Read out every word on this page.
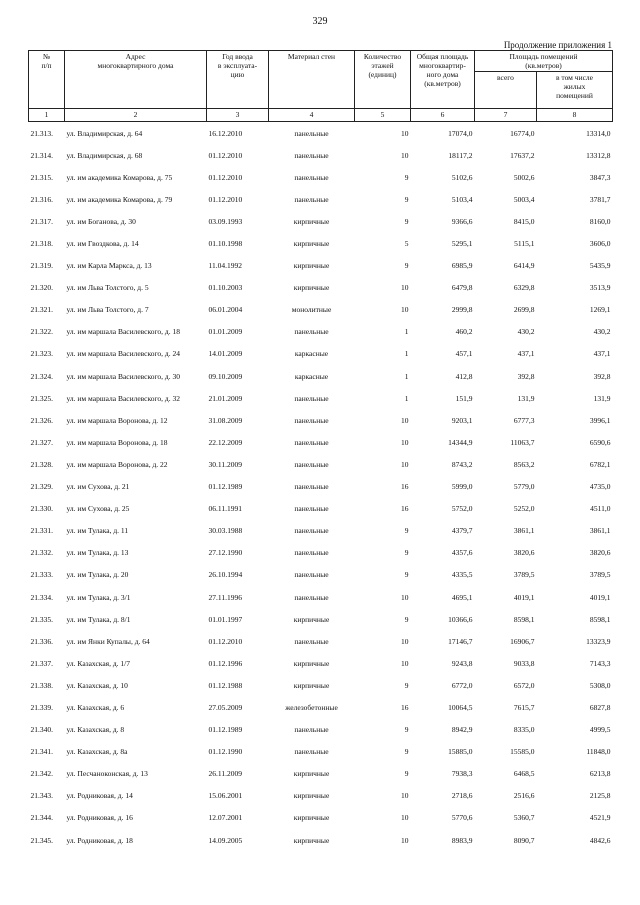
329
Продолжение приложения 1
№
п/п	Адрес
многоквартирного дома	Год ввода
в эксплуата-
цию	Материал стен	Количество
этажей
(единиц)	Общая площадь
многоквартир-
ного дома
(кв.метров)	Площадь помещений
(кв.метров)	
						всего	в том числе
жилых
помещений
1	2	3	4	5	6	7	8
21.313.	ул. Владимирская, д. 64	16.12.2010	панельные	10	17074,0	16774,0	13314,0
21.314.	ул. Владимирская, д. 68	01.12.2010	панельные	10	18117,2	17637,2	13312,8
21.315.	ул. им академика Комарова, д. 75	01.12.2010	панельные	9	5102,6	5002,6	3847,3
21.316.	ул. им академика Комарова, д. 79	01.12.2010	панельные	9	5103,4	5003,4	3781,7
21.317.	ул. им Боганова, д. 30	03.09.1993	кирпичные	9	9366,6	8415,0	8160,0
21.318.	ул. им Гвоздкова, д. 14	01.10.1998	кирпичные	5	5295,1	5115,1	3606,0
21.319.	ул. им Карла Маркса, д. 13	11.04.1992	кирпичные	9	6985,9	6414,9	5435,9
21.320.	ул. им Льва Толстого, д. 5	01.10.2003	кирпичные	10	6479,8	6329,8	3513,9
21.321.	ул. им Льва Толстого, д. 7	06.01.2004	монолитные	10	2999,8	2699,8	1269,1
21.322.	ул. им маршала Василевского, д. 18	01.01.2009	панельные	1	460,2	430,2	430,2
21.323.	ул. им маршала Василевского, д. 24	14.01.2009	каркасные	1	457,1	437,1	437,1
21.324.	ул. им маршала Василевского, д. 30	09.10.2009	каркасные	1	412,8	392,8	392,8
21.325.	ул. им маршала Василевского, д. 32	21.01.2009	панельные	1	151,9	131,9	131,9
21.326.	ул. им маршала Воронова, д. 12	31.08.2009	панельные	10	9203,1	6777,3	3996,1
21.327.	ул. им маршала Воронова, д. 18	22.12.2009	панельные	10	14344,9	11063,7	6590,6
21.328.	ул. им маршала Воронова, д. 22	30.11.2009	панельные	10	8743,2	8563,2	6782,1
21.329.	ул. им Сухова, д. 21	01.12.1989	панельные	16	5999,0	5779,0	4735,0
21.330.	ул. им Сухова, д. 25	06.11.1991	панельные	16	5752,0	5252,0	4511,0
21.331.	ул. им Тулака, д. 11	30.03.1988	панельные	9	4379,7	3861,1	3861,1
21.332.	ул. им Тулака, д. 13	27.12.1990	панельные	9	4357,6	3820,6	3820,6
21.333.	ул. им Тулака, д. 20	26.10.1994	панельные	9	4335,5	3789,5	3789,5
21.334.	ул. им Тулака, д. 3/1	27.11.1996	панельные	10	4695,1	4019,1	4019,1
21.335.	ул. им Тулака, д. 8/1	01.01.1997	кирпичные	9	10366,6	8598,1	8598,1
21.336.	ул. им Янки Купалы, д. 64	01.12.2010	панельные	10	17146,7	16906,7	13323,9
21.337.	ул. Казахская, д. 1/7	01.12.1996	кирпичные	10	9243,8	9033,8	7143,3
21.338.	ул. Казахская, д. 10	01.12.1988	кирпичные	9	6772,0	6572,0	5308,0
21.339.	ул. Казахская, д. 6	27.05.2009	железобетонные	16	10064,5	7615,7	6827,8
21.340.	ул. Казахская, д. 8	01.12.1989	панельные	9	8942,9	8335,0	4999,5
21.341.	ул. Казахская, д. 8а	01.12.1990	панельные	9	15885,0	15585,0	11848,0
21.342.	ул. Песчаноконская, д. 13	26.11.2009	кирпичные	9	7938,3	6468,5	6213,8
21.343.	ул. Родниковая, д. 14	15.06.2001	кирпичные	10	2718,6	2516,6	2125,8
21.344.	ул. Родниковая, д. 16	12.07.2001	кирпичные	10	5770,6	5360,7	4521,9
21.345.	ул. Родниковая, д. 18	14.09.2005	кирпичные	10	8983,9	8090,7	4842,6
